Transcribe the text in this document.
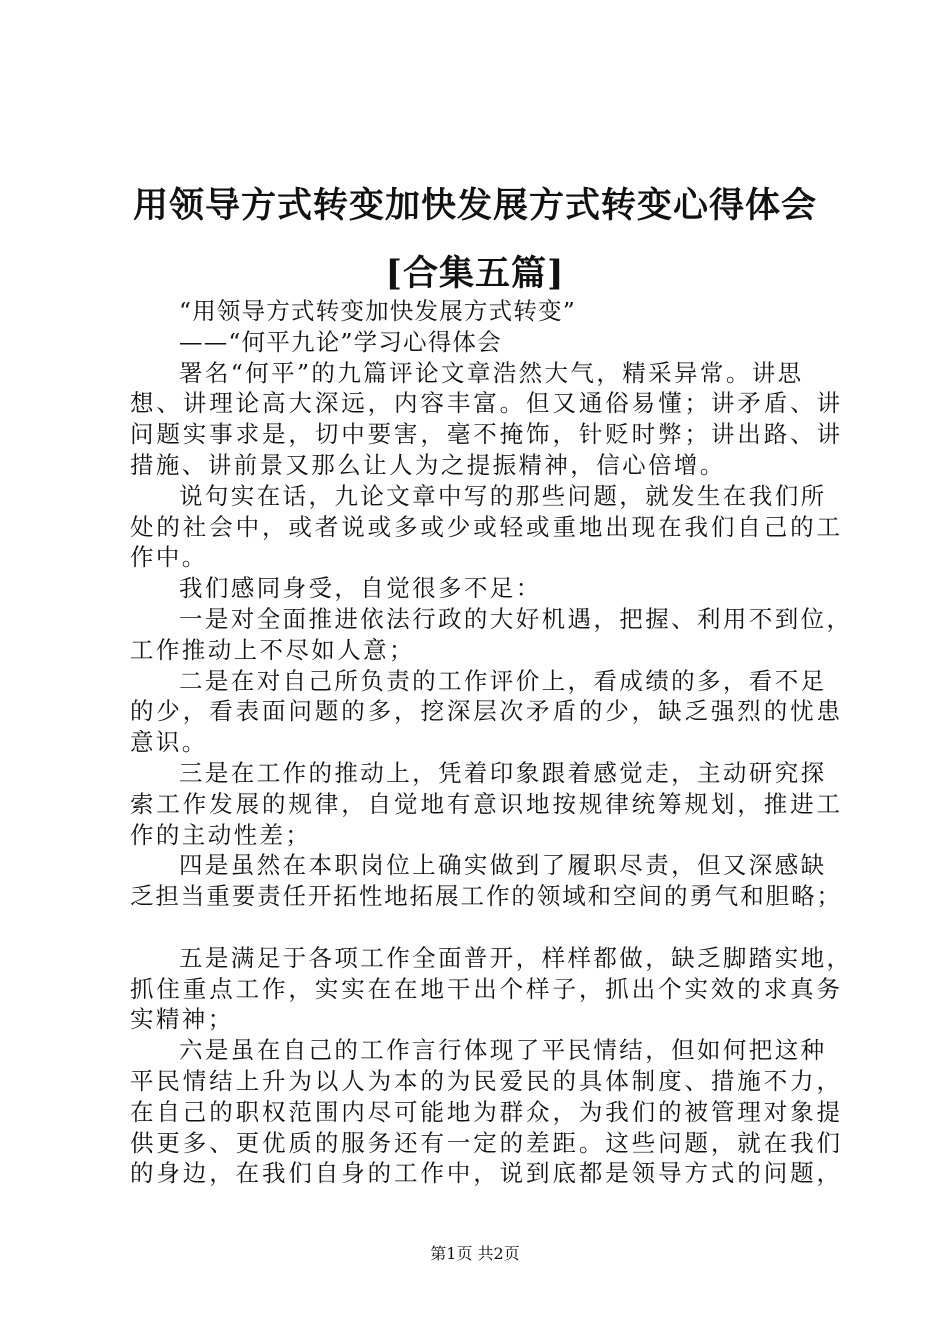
用领导方式转变加快发展方式转变心得体会
[合集五篇]
“用领导方式转变加快发展方式转变”
——“何平九论”学习心得体会
署名“何平”的九篇评论文章浩然大气，精采异常。讲思
想、讲理论高大深远，内容丰富。但又通俗易懂；讲矛盾、讲
问题实事求是，切中要害，毫不掩饰，针贬时弊；讲出路、讲
措施、讲前景又那么让人为之提振精神，信心倍增。
说句实在话，九论文章中写的那些问题，就发生在我们所
处的社会中，或者说或多或少或轻或重地出现在我们自己的工
作中。
我们感同身受，自觉很多不足：
一是对全面推进依法行政的大好机遇，把握、利用不到位，
工作推动上不尽如人意；
二是在对自己所负责的工作评价上，看成绩的多，看不足
的少，看表面问题的多，挖深层次矛盾的少，缺乏强烈的忧患
意识。
三是在工作的推动上，凭着印象跟着感觉走，主动研究探
索工作发展的规律，自觉地有意识地按规律统筹规划，推进工
作的主动性差；
四是虽然在本职岗位上确实做到了履职尽责，但又深感缺
乏担当重要责任开拓性地拓展工作的领域和空间的勇气和胆略；
五是满足于各项工作全面普开，样样都做，缺乏脚踏实地，
抓住重点工作，实实在在地干出个样子，抓出个实效的求真务
实精神；
六是虽在自己的工作言行体现了平民情结，但如何把这种
平民情结上升为以人为本的为民爱民的具体制度、措施不力，
在自己的职权范围内尽可能地为群众，为我们的被管理对象提
供更多、更优质的服务还有一定的差距。这些问题，就在我们
的身边，在我们自身的工作中，说到底都是领导方式的问题，
第1页 共2页
